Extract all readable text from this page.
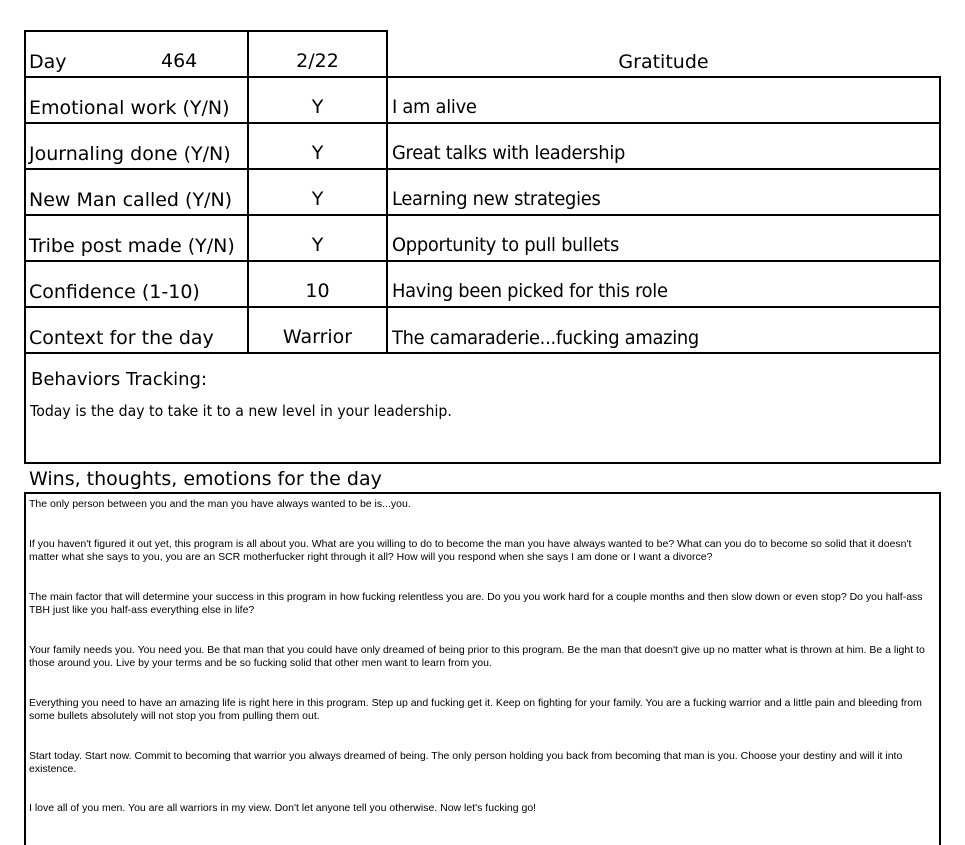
Day	464	2/22	Gratitude
Emotional work (Y/N)	Y	I am alive
Journaling done (Y/N)	Y	Great talks with leadership
New Man called (Y/N)	Y	Learning new strategies
Tribe post made (Y/N)	Y	Opportunity to pull bullets
Confidence (1-10)	10	Having been picked for this role
Context for the day	Warrior	The camaraderie...fucking amazing
Behaviors Tracking:
Today is the day to take it to a new level in your leadership.
Wins, thoughts, emotions for the day
The only person between you and the man you have always wanted to be is...you.
If you haven't figured it out yet, this program is all about you. What are you willing to do to become the man you have always wanted to be? What can you do to become so solid that it doesn't matter what she says to you, you are an SCR motherfucker right through it all? How will you respond when she says I am done or I want a divorce?
The main factor that will determine your success in this program in how fucking relentless you are. Do you you work hard for a couple months and then slow down or even stop? Do you half-ass TBH just like you half-ass everything else in life?
Your family needs you. You need you. Be that man that you could have only dreamed of being prior to this program. Be the man that doesn't give up no matter what is thrown at him. Be a light to those around you. Live by your terms and be so fucking solid that other men want to learn from you.
Everything you need to have an amazing life is right here in this program. Step up and fucking get it. Keep on fighting for your family. You are a fucking warrior and a little pain and bleeding from some bullets absolutely will not stop you from pulling them out.
Start today. Start now. Commit to becoming that warrior you always dreamed of being. The only person holding you back from becoming that man is you. Choose your destiny and will it into existence.
I love all of you men. You are all warriors in my view. Don't let anyone tell you otherwise. Now let's fucking go!
